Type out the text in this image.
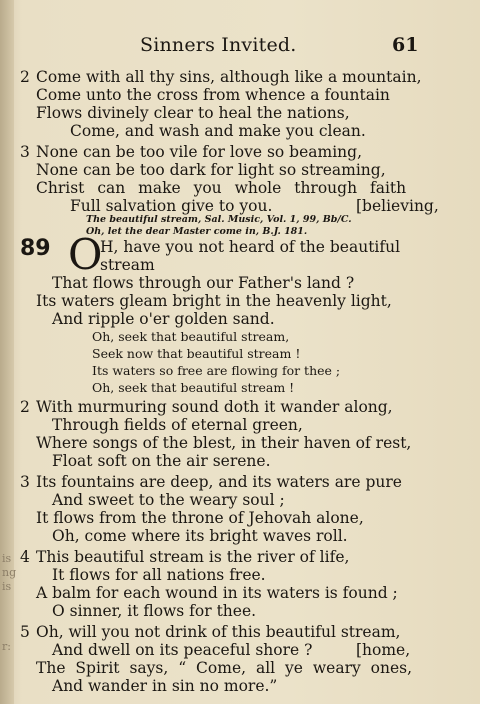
is
ng
is
r:
Sinners Invited.	61
2 Come with all thy sins, although like a mountain,
Come unto the cross from whence a fountain
Flows divinely clear to heal the nations,
Come, and wash and make you clean.
3 None can be too vile for love so beaming,
None can be too dark for light so streaming,
Christ can make you whole through faith
Full salvation give to you.	[believing,
The beautiful stream, Sal. Music, Vol. 1, 99, Bb/C.
Oh, let the dear Master come in, B.J. 181.
89 O
H, have you not heard of the beautiful
stream
That flows through our Father's land ?
Its waters gleam bright in the heavenly light,
And ripple o'er golden sand.
Oh, seek that beautiful stream,
Seek now that beautiful stream !
Its waters so free are flowing for thee ;
Oh, seek that beautiful stream !
2 With murmuring sound doth it wander along,
Through fields of eternal green,
Where songs of the blest, in their haven of rest,
Float soft on the air serene.
3 Its fountains are deep, and its waters are pure
And sweet to the weary soul ;
It flows from the throne of Jehovah alone,
Oh, come where its bright waves roll.
4 This beautiful stream is the river of life,
It flows for all nations free.
A balm for each wound in its waters is found ;
O sinner, it flows for thee.
5 Oh, will you not drink of this beautiful stream,
And dwell on its peaceful shore ?	[home,
The Spirit says, “ Come, all ye weary ones,
And wander in sin no more.”
